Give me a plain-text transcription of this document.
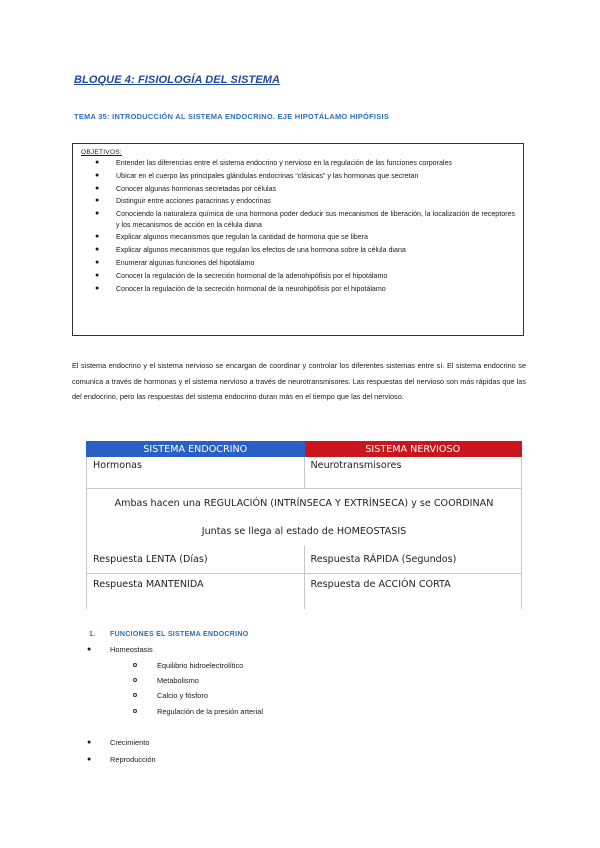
BLOQUE 4: FISIOLOGÍA DEL SISTEMA
TEMA 35: INTRODUCCIÓN AL SISTEMA ENDOCRINO. EJE HIPOTÁLAMO HIPÓFISIS

OBJETIVOS:

● Entender las diferencias entre el sistema endocrino y nervioso en la regulación de las funciones corporales
● Ubicar en el cuerpo las principales glándulas endocrinas “clásicas” y las hormonas que secretan
● Conocer algunas hormonas secretadas por células
● Distinguir entre acciones paracrinas y endocrinas
● Conociendo la naturaleza química de una hormona poder deducir sus mecanismos de liberación, la localización de receptores y los mecanismos de acción en la célula diana
● Explicar algunos mecanismos que regulan la cantidad de hormona que se libera
● Explicar algunos mecanismos que regulan los efectos de una hormona sobre la célula diana
● Enumerar algunas funciones del hipotálamo
● Conocer la regulación de la secreción hormonal de la adenohipófisis por el hipotálamo
● Conocer la regulación de la secreción hormonal de la neurohipófisis por el hipotálamo

El sistema endocrino y el sistema nervioso se encargan de coordinar y controlar los diferentes sistemas entre sí. El sistema endocrino se comunica a través de hormonas y el sistema nervioso a través de neurotransmisores. Las respuestas del nervioso son más rápidas que las del endocrino, pero las respuestas del sistema endocrino duran más en el tiempo que las del nervioso.

SISTEMA ENDOCRINO	SISTEMA NERVIOSO
Hormonas	Neurotransmisores
Ambas hacen una REGULACIÓN (INTRÍNSECA Y EXTRÍNSECA) y se COORDINAN	
Juntas se llega al estado de HOMEOSTASIS	
Respuesta LENTA (Días)	Respuesta RÁPIDA (Segundos)
Respuesta MANTENIDA	Respuesta de ACCIÓN CORTA
1. FUNCIONES EL SISTEMA ENDOCRINO
●	Homeostasis
Equilibrio hidroelectrolítico
Metabolismo
Calcio y fósforo
Regulación de la presión arterial
●	Crecimiento
●	Reproducción
